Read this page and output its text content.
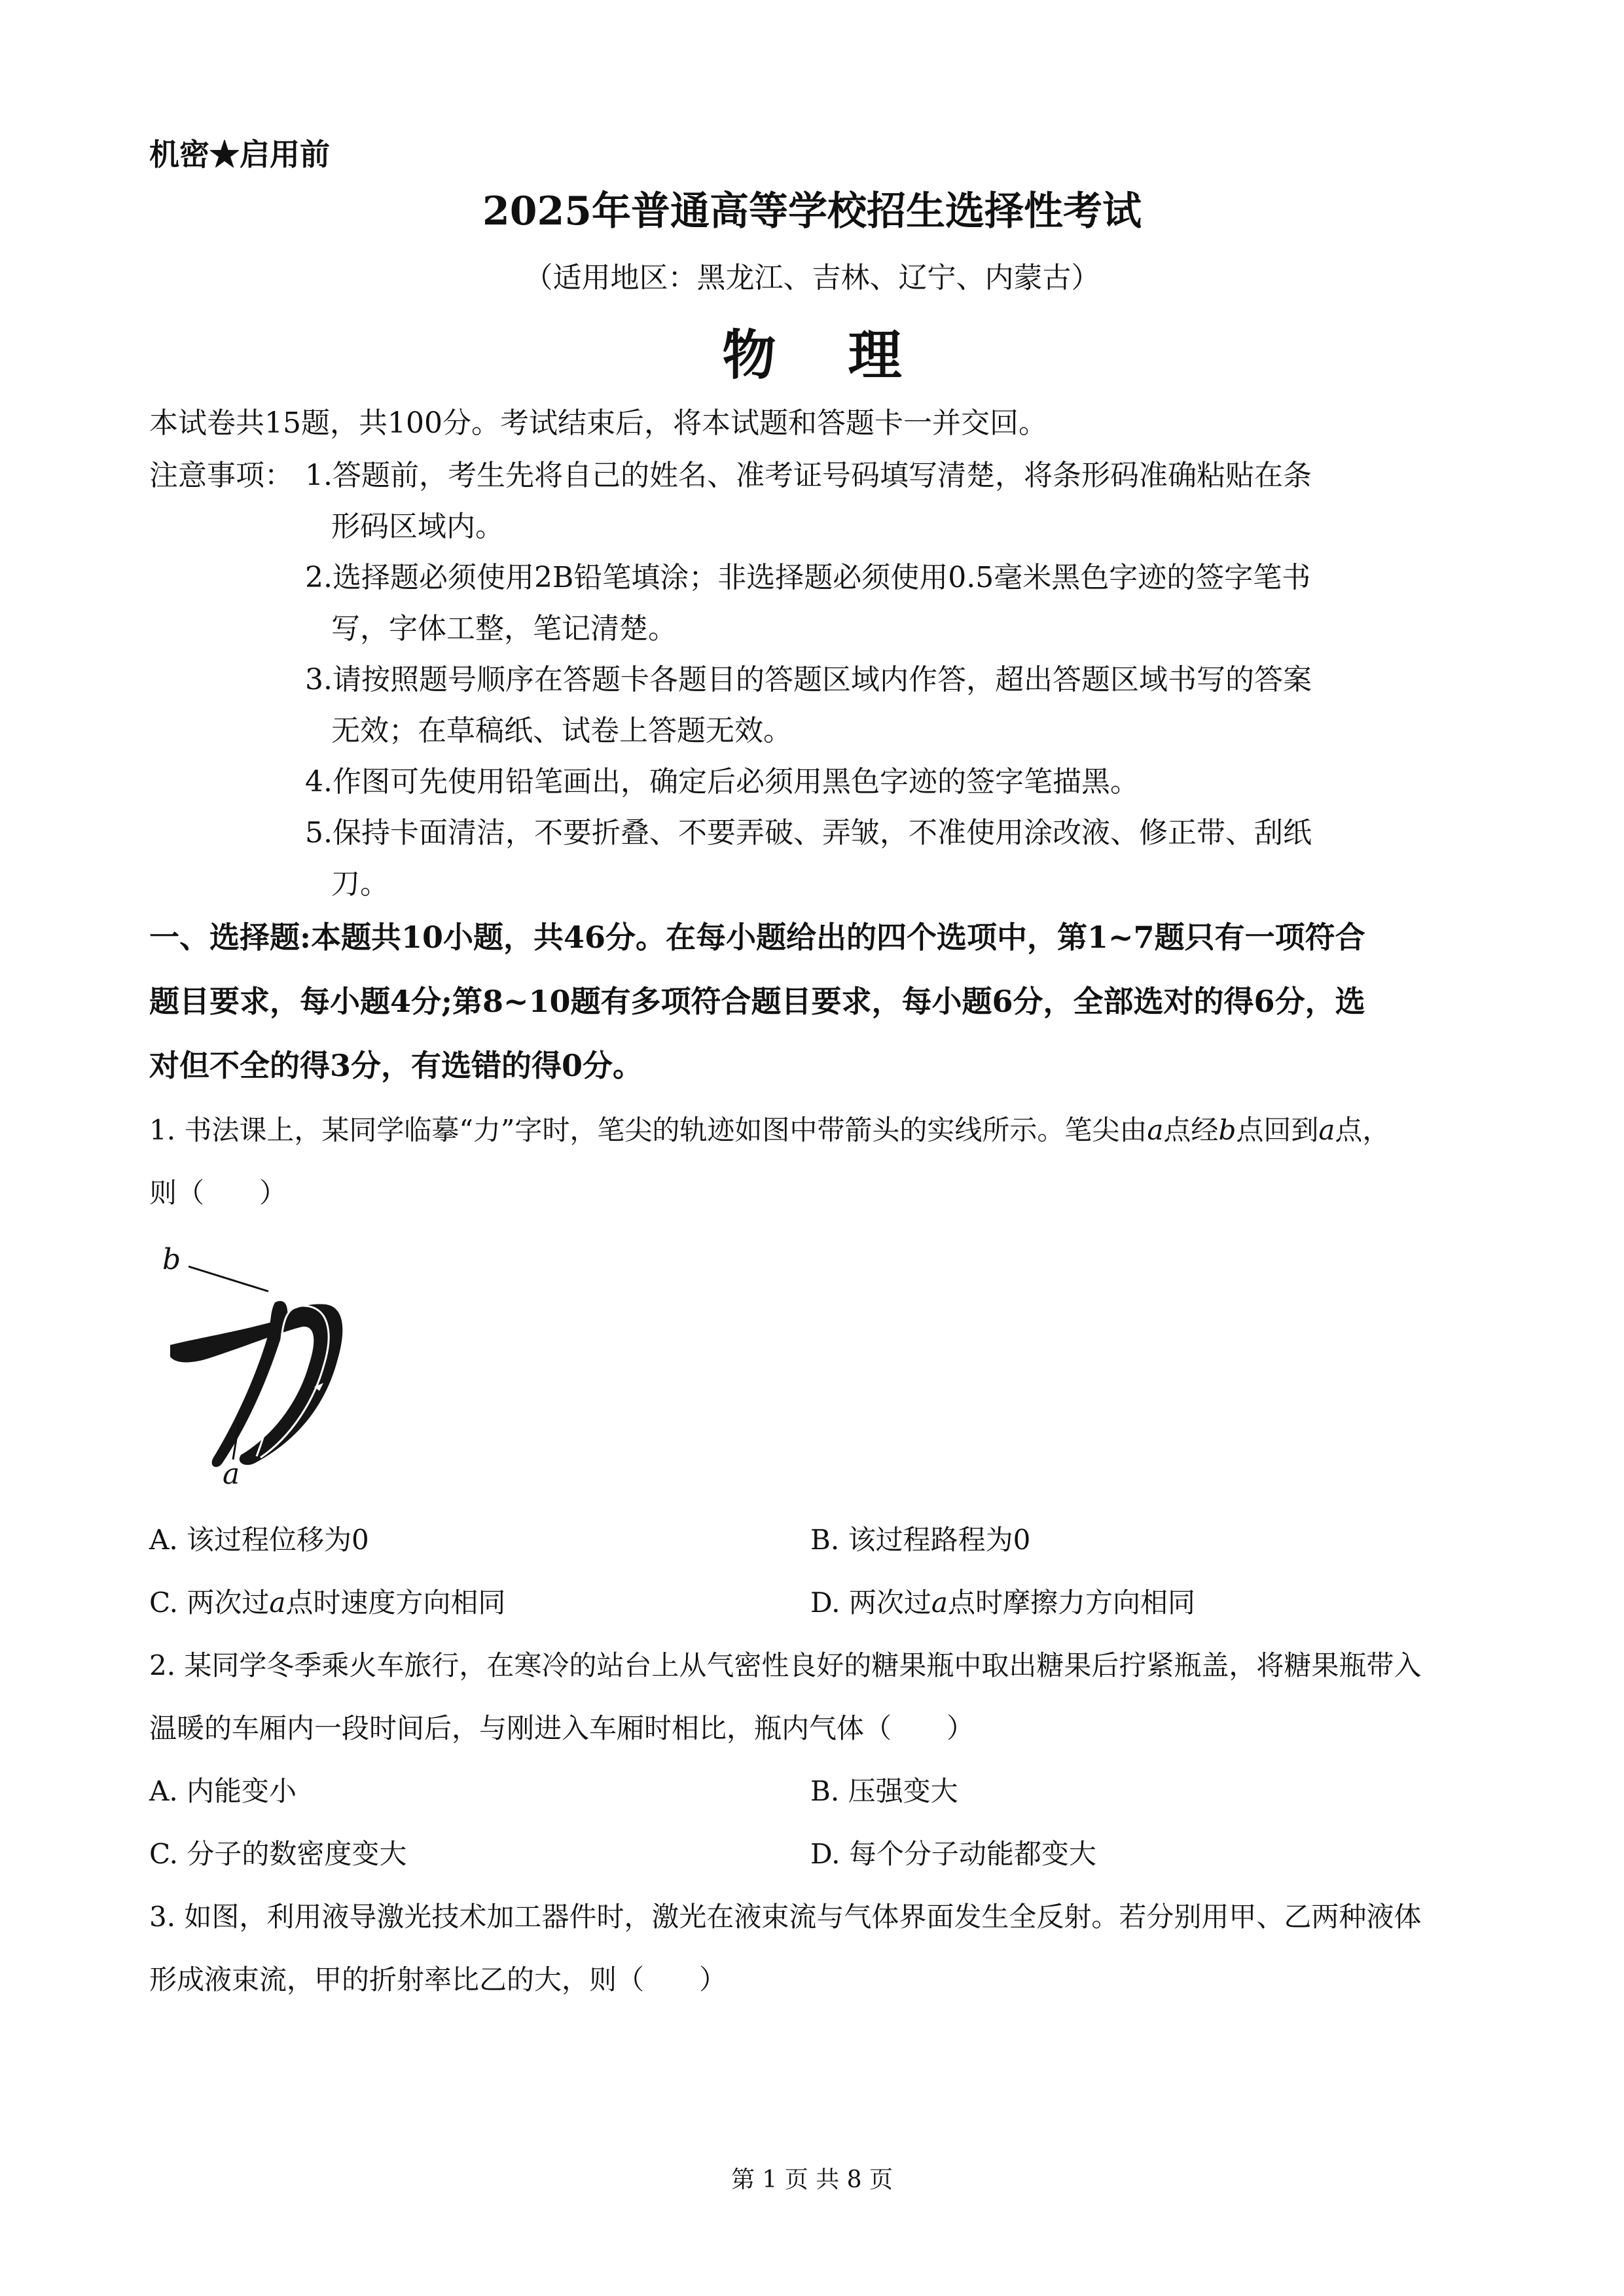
机密★启用前
2025年普通高等学校招生选择性考试
（适用地区：黑龙江、吉林、辽宁、内蒙古）
物理
本试卷共15题，共100分。考试结束后，将本试题和答题卡一并交回。
注意事项： 1.答题前，考生先将自己的姓名、准考证号码填写清楚，将条形码准确粘贴在条
形码区域内。
2.选择题必须使用2B铅笔填涂；非选择题必须使用0.5毫米黑色字迹的签字笔书
写，字体工整，笔记清楚。
3.请按照题号顺序在答题卡各题目的答题区域内作答，超出答题区域书写的答案
无效；在草稿纸、试卷上答题无效。
4.作图可先使用铅笔画出，确定后必须用黑色字迹的签字笔描黑。
5.保持卡面清洁，不要折叠、不要弄破、弄皱，不准使用涂改液、修正带、刮纸
刀。
一、选择题:本题共10小题，共46分。在每小题给出的四个选项中，第1~7题只有一项符合
题目要求，每小题4分;第8~10题有多项符合题目要求，每小题6分，全部选对的得6分，选
对但不全的得3分，有选错的得0分。
1. 书法课上，某同学临摹“力”字时，笔尖的轨迹如图中带箭头的实线所示。笔尖由a点经b点回到a点，
则（　　）
b
a
A. 该过程位移为0	B. 该过程路程为0
C. 两次过a点时速度方向相同	D. 两次过a点时摩擦力方向相同
2. 某同学冬季乘火车旅行，在寒冷的站台上从气密性良好的糖果瓶中取出糖果后拧紧瓶盖，将糖果瓶带入
温暖的车厢内一段时间后，与刚进入车厢时相比，瓶内气体（　　）
A. 内能变小	B. 压强变大
C. 分子的数密度变大	D. 每个分子动能都变大
3. 如图，利用液导激光技术加工器件时，激光在液束流与气体界面发生全反射。若分别用甲、乙两种液体
形成液束流，甲的折射率比乙的大，则（　　）
第 1 页 共 8 页
